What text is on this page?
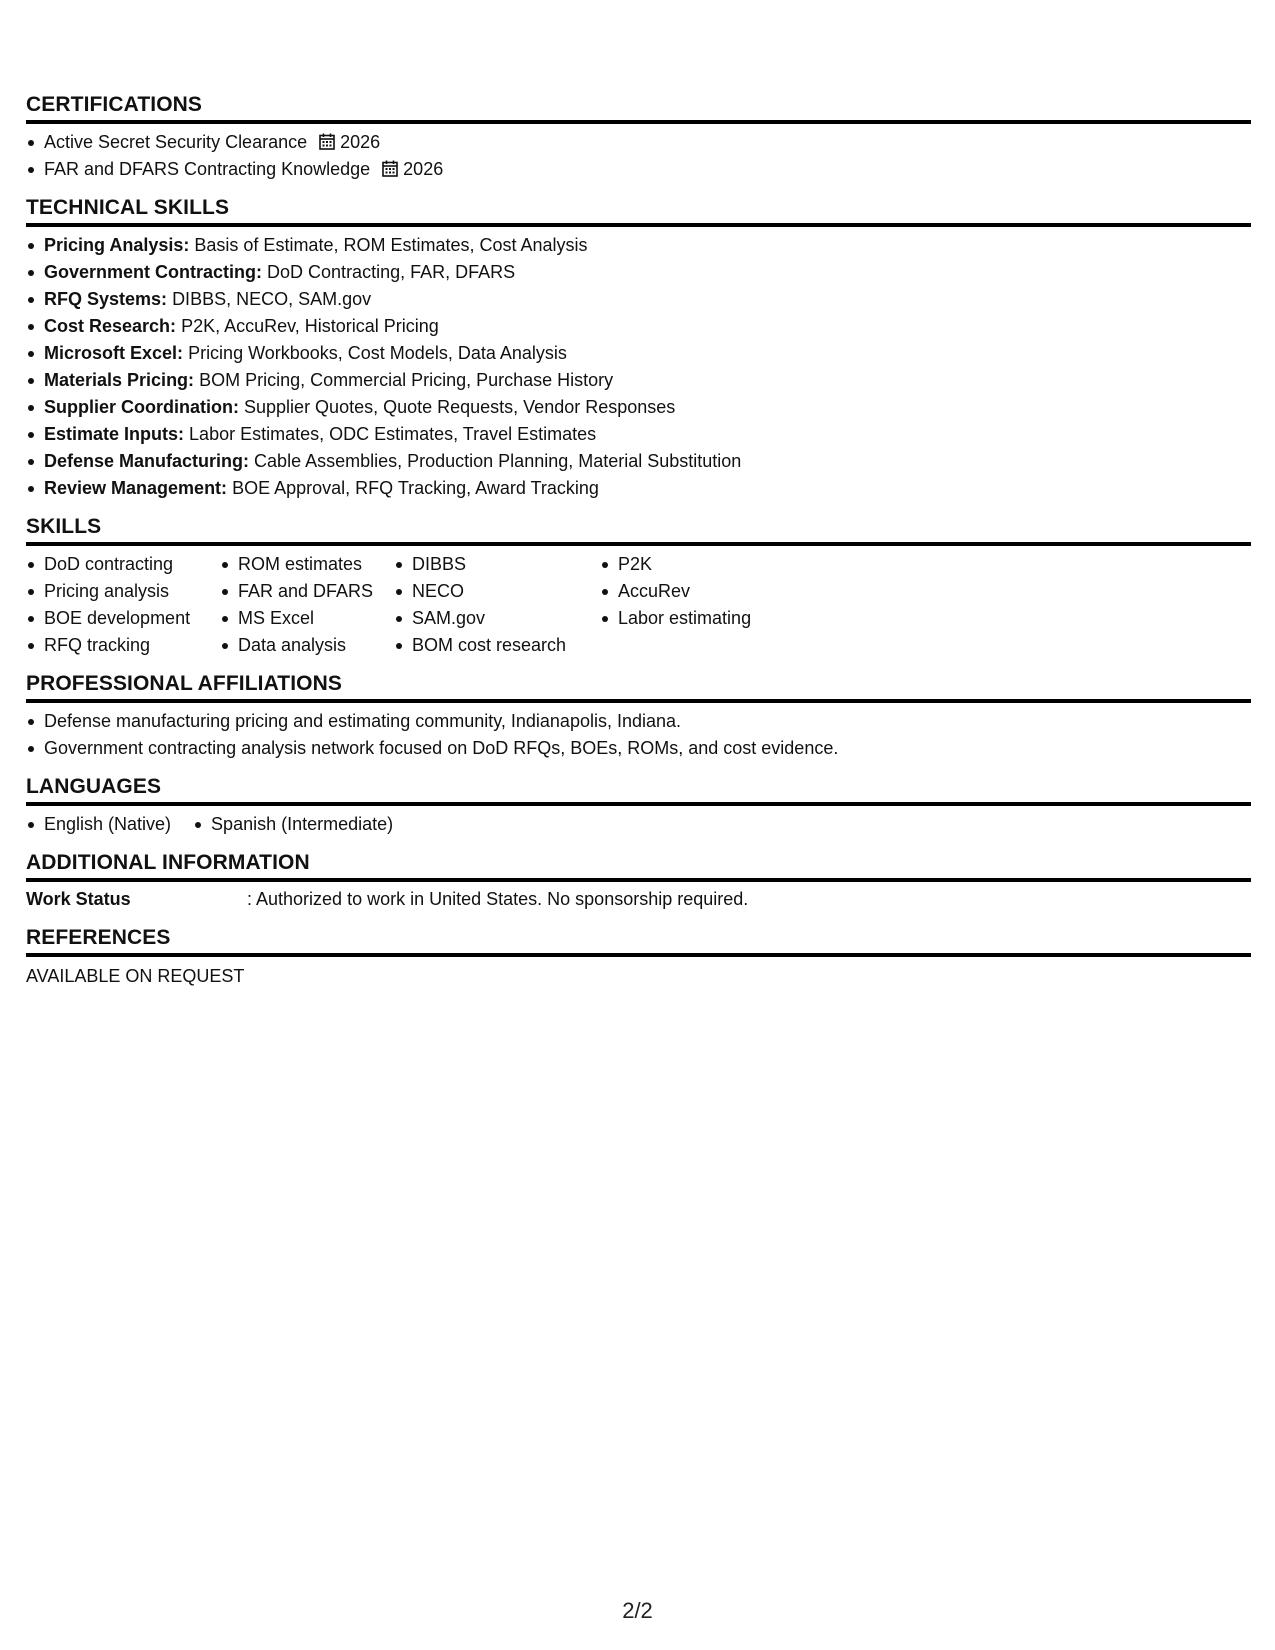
CERTIFICATIONS
Active Secret Security Clearance 2026
FAR and DFARS Contracting Knowledge 2026
TECHNICAL SKILLS
Pricing Analysis: Basis of Estimate, ROM Estimates, Cost Analysis
Government Contracting: DoD Contracting, FAR, DFARS
RFQ Systems: DIBBS, NECO, SAM.gov
Cost Research: P2K, AccuRev, Historical Pricing
Microsoft Excel: Pricing Workbooks, Cost Models, Data Analysis
Materials Pricing: BOM Pricing, Commercial Pricing, Purchase History
Supplier Coordination: Supplier Quotes, Quote Requests, Vendor Responses
Estimate Inputs: Labor Estimates, ODC Estimates, Travel Estimates
Defense Manufacturing: Cable Assemblies, Production Planning, Material Substitution
Review Management: BOE Approval, RFQ Tracking, Award Tracking
SKILLS
DoD contracting
Pricing analysis
BOE development
RFQ tracking
ROM estimates
FAR and DFARS
MS Excel
Data analysis
DIBBS
NECO
SAM.gov
BOM cost research
P2K
AccuRev
Labor estimating
PROFESSIONAL AFFILIATIONS
Defense manufacturing pricing and estimating community, Indianapolis, Indiana.
Government contracting analysis network focused on DoD RFQs, BOEs, ROMs, and cost evidence.
LANGUAGES
English (Native)	Spanish (Intermediate)
ADDITIONAL INFORMATION
Work Status	: Authorized to work in United States. No sponsorship required.
REFERENCES
AVAILABLE ON REQUEST
2/2
